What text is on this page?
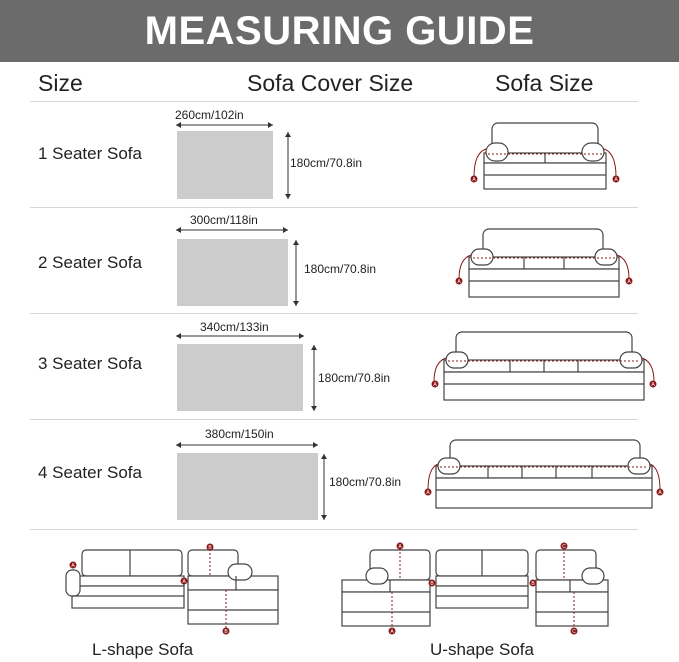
MEASURING GUIDE
Size	Sofa Cover Size	Sofa Size
1 Seater Sofa
260cm/102in
180cm/70.8in
2 Seater Sofa
300cm/118in
180cm/70.8in
3 Seater Sofa
340cm/133in
180cm/70.8in
4 Seater Sofa
380cm/150in
180cm/70.8in
A	A
A	A
A	A
A	A
A
A
B
B
A
A
B	B
C
C
L-shape Sofa	U-shape Sofa
